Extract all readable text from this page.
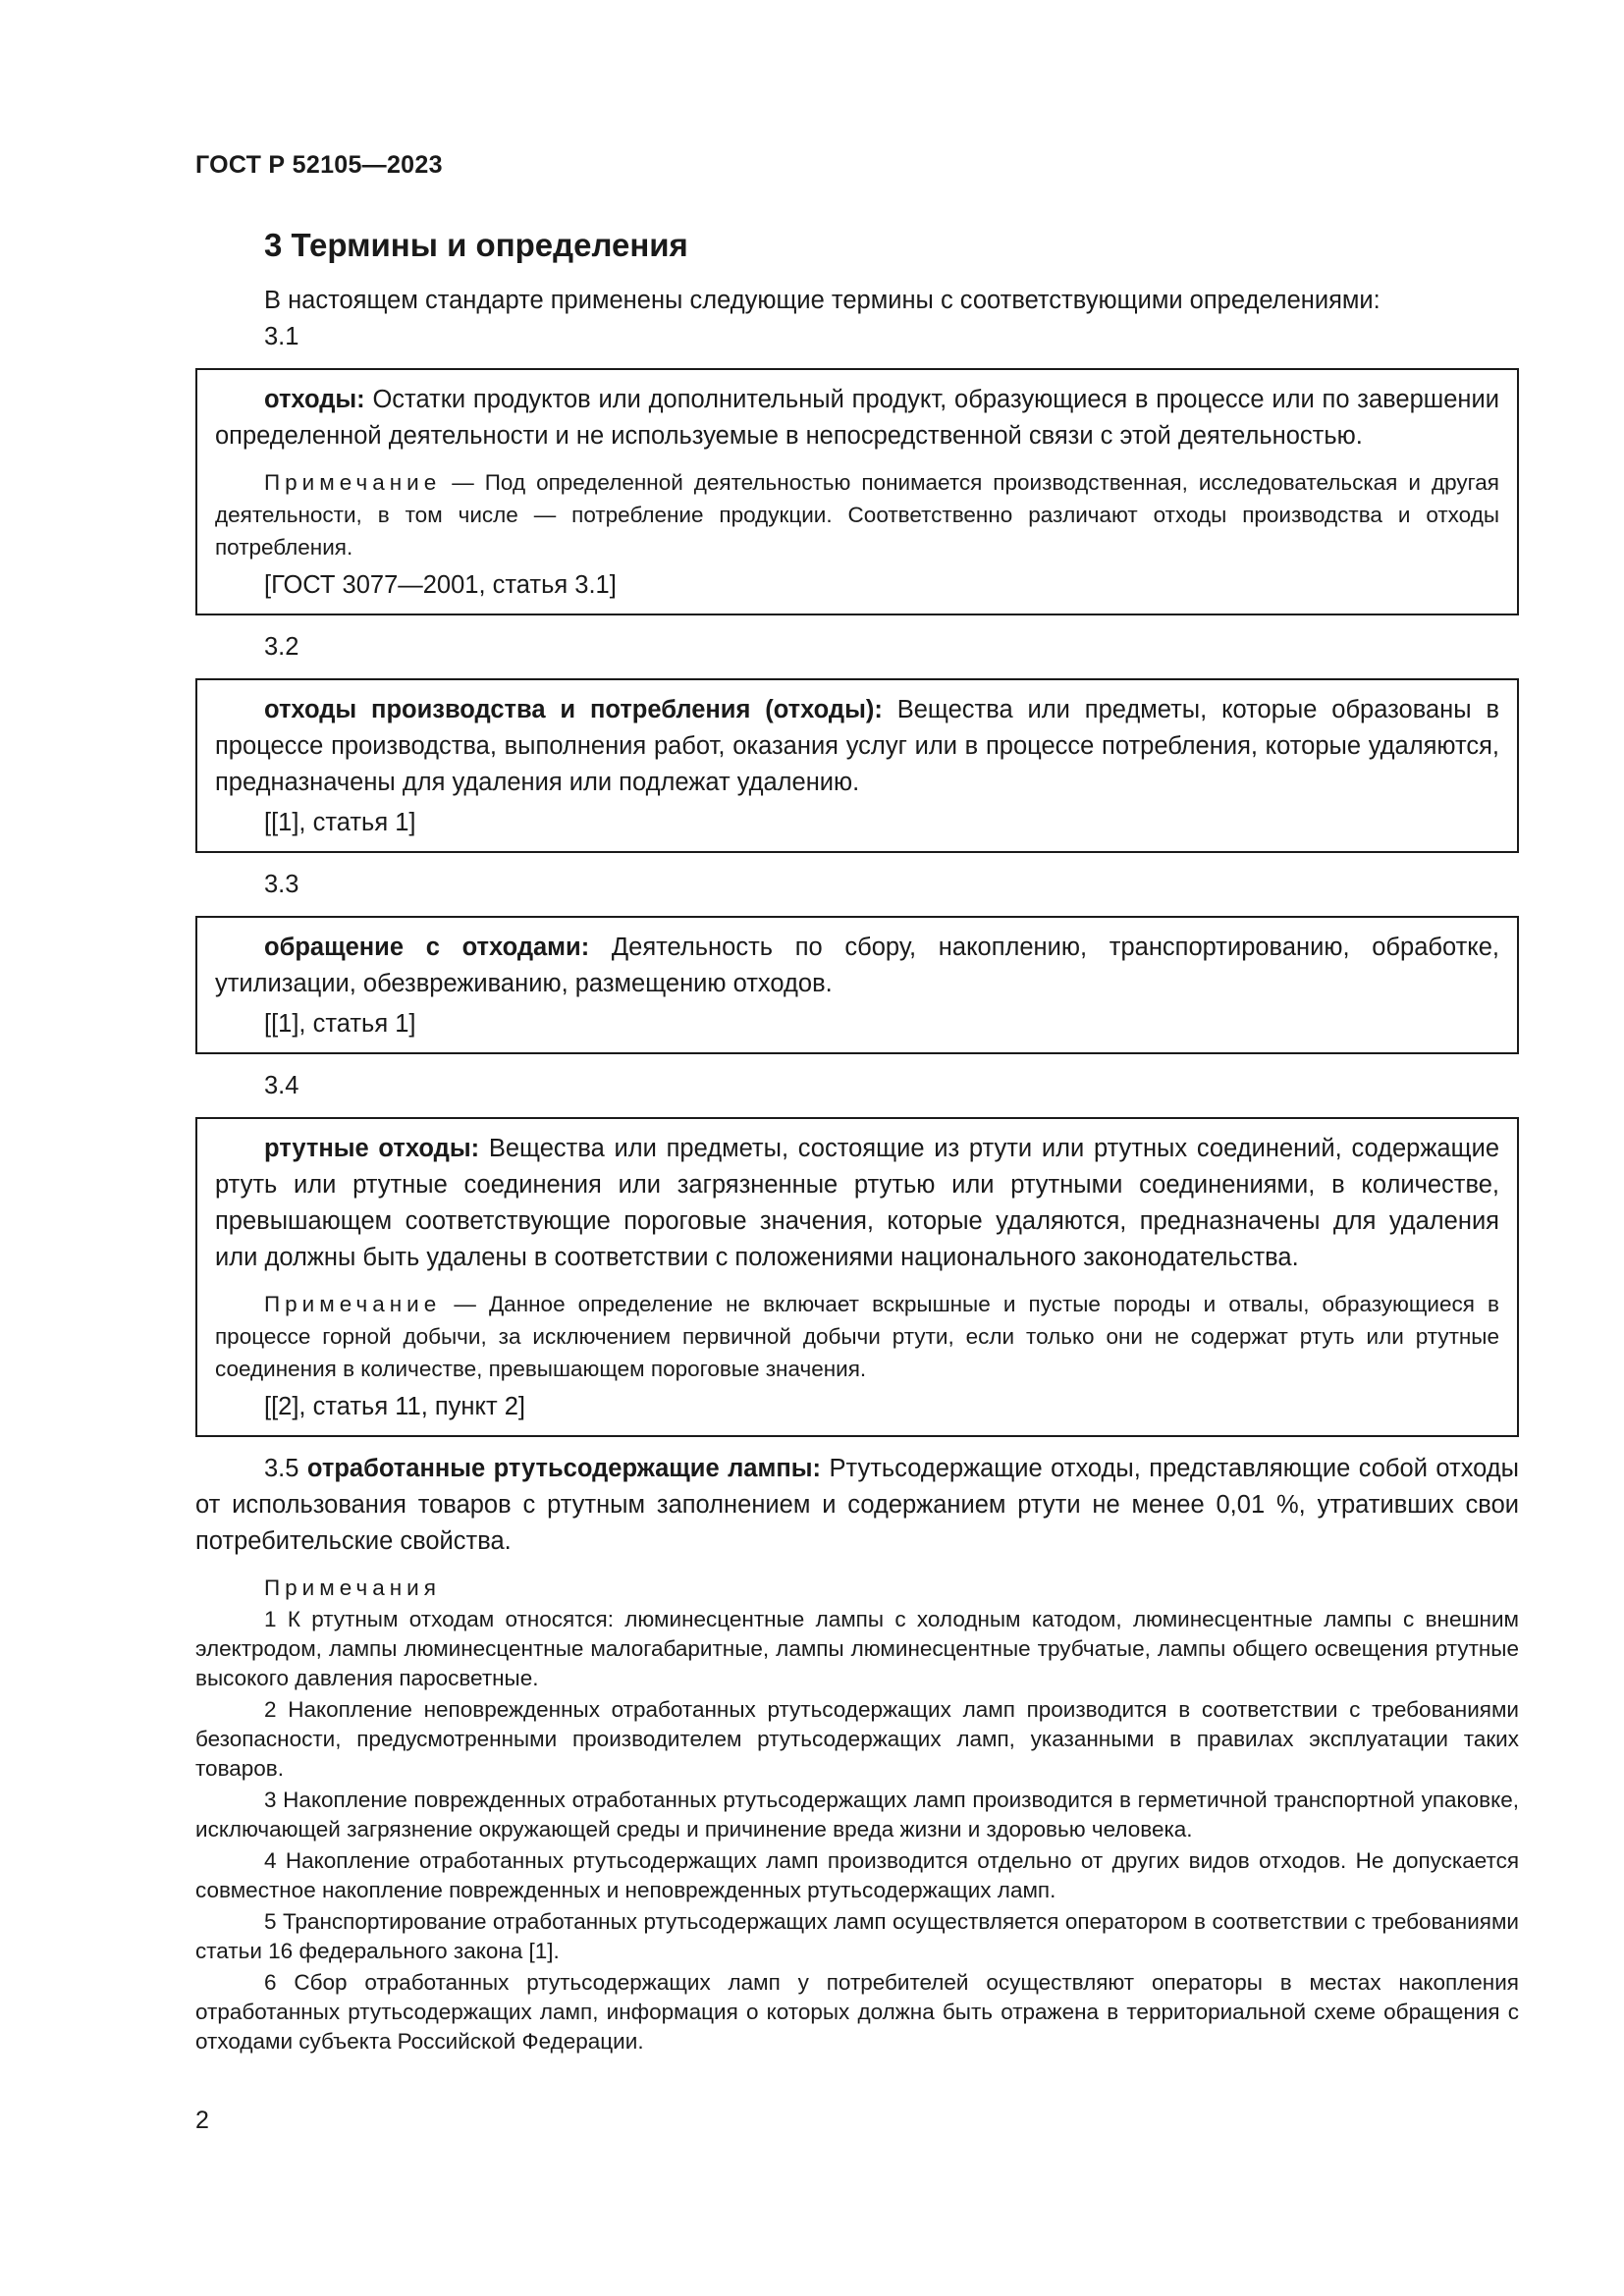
ГОСТ Р 52105—2023
3 Термины и определения

В настоящем стандарте применены следующие термины с соответствующими определениями:

3.1

отходы: Остатки продуктов или дополнительный продукт, образующиеся в процессе или по завершении определенной деятельности и не используемые в непосредственной связи с этой деятельностью.

Примечание — Под определенной деятельностью понимается производственная, исследовательская и другая деятельности, в том числе — потребление продукции. Соответственно различают отходы производства и отходы потребления.

[ГОСТ 3077—2001, статья 3.1]

3.2

отходы производства и потребления (отходы): Вещества или предметы, которые образованы в процессе производства, выполнения работ, оказания услуг или в процессе потребления, которые удаляются, предназначены для удаления или подлежат удалению.

[[1], статья 1]

3.3

обращение с отходами: Деятельность по сбору, накоплению, транспортированию, обработке, утилизации, обезвреживанию, размещению отходов.

[[1], статья 1]

3.4

ртутные отходы: Вещества или предметы, состоящие из ртути или ртутных соединений, содержащие ртуть или ртутные соединения или загрязненные ртутью или ртутными соединениями, в количестве, превышающем соответствующие пороговые значения, которые удаляются, предназначены для удаления или должны быть удалены в соответствии с положениями национального законодательства.

Примечание — Данное определение не включает вскрышные и пустые породы и отвалы, образующиеся в процессе горной добычи, за исключением первичной добычи ртути, если только они не содержат ртуть или ртутные соединения в количестве, превышающем пороговые значения.

[[2], статья 11, пункт 2]

3.5 отработанные ртутьсодержащие лампы: Ртутьсодержащие отходы, представляющие собой отходы от использования товаров с ртутным заполнением и содержанием ртути не менее 0,01 %, утративших свои потребительские свойства.

Примечания

1 К ртутным отходам относятся: люминесцентные лампы с холодным катодом, люминесцентные лампы с внешним электродом, лампы люминесцентные малогабаритные, лампы люминесцентные трубчатые, лампы общего освещения ртутные высокого давления паросветные.

2 Накопление неповрежденных отработанных ртутьсодержащих ламп производится в соответствии с требованиями безопасности, предусмотренными производителем ртутьсодержащих ламп, указанными в правилах эксплуатации таких товаров.

3 Накопление поврежденных отработанных ртутьсодержащих ламп производится в герметичной транспортной упаковке, исключающей загрязнение окружающей среды и причинение вреда жизни и здоровью человека.

4 Накопление отработанных ртутьсодержащих ламп производится отдельно от других видов отходов. Не допускается совместное накопление поврежденных и неповрежденных ртутьсодержащих ламп.

5 Транспортирование отработанных ртутьсодержащих ламп осуществляется оператором в соответствии с требованиями статьи 16 федерального закона [1].

6 Сбор отработанных ртутьсодержащих ламп у потребителей осуществляют операторы в местах накопления отработанных ртутьсодержащих ламп, информация о которых должна быть отражена в территориальной схеме обращения с отходами субъекта Российской Федерации.

2
